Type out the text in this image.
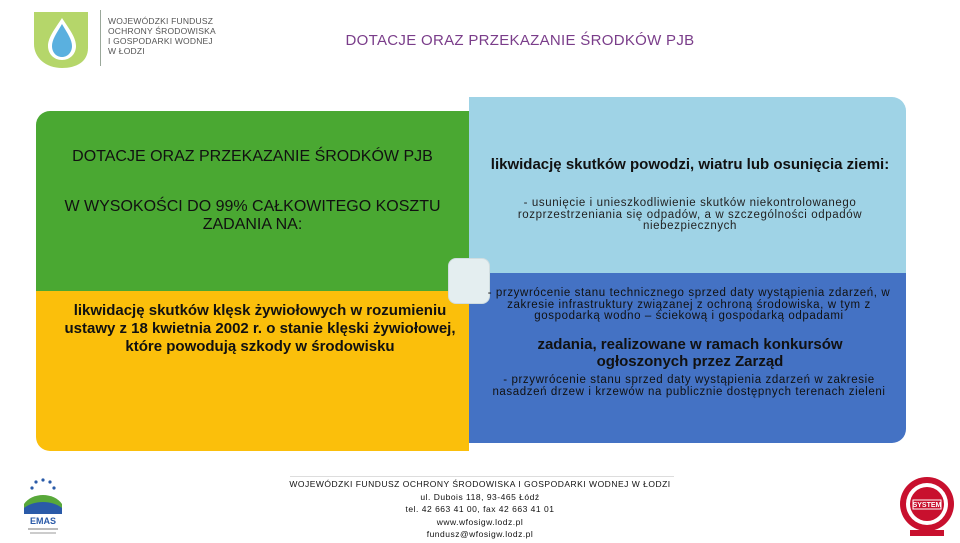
WOJEWÓDZKI FUNDUSZ
OCHRONY ŚRODOWISKA
I GOSPODARKI WODNEJ
W ŁODZI
DOTACJE ORAZ PRZEKAZANIE ŚRODKÓW PJB
DOTACJE ORAZ PRZEKAZANIE ŚRODKÓW PJB
W WYSOKOŚCI DO 99% CAŁKOWITEGO KOSZTU ZADANIA NA:
likwidację skutków klęsk żywiołowych w rozumieniu ustawy z 18 kwietnia 2002 r. o stanie klęski żywiołowej, które powodują szkody w środowisku
likwidację skutków powodzi, wiatru lub osunięcia ziemi:
- usunięcie i unieszkodliwienie skutków niekontrolowanego rozprzestrzeniania się odpadów, a w szczególności odpadów niebezpiecznych
- przywrócenie stanu technicznego sprzed daty wystąpienia zdarzeń, w zakresie infrastruktury związanej z ochroną środowiska, w tym z gospodarką wodno – ściekową i gospodarką odpadami
zadania, realizowane w ramach konkursów ogłoszonych przez Zarząd
- przywrócenie stanu sprzed daty wystąpienia zdarzeń w zakresie nasadzeń drzew i krzewów na publicznie dostępnych terenach zieleni
WOJEWÓDZKI FUNDUSZ OCHRONY ŚRODOWISKA I GOSPODARKI WODNEJ W ŁODZI
ul. Dubois 118, 93-465 Łódź
tel. 42 663 41 00, fax 42 663 41 01
www.wfosigw.lodz.pl
fundusz@wfosigw.lodz.pl
EMAS
SYSTEM
